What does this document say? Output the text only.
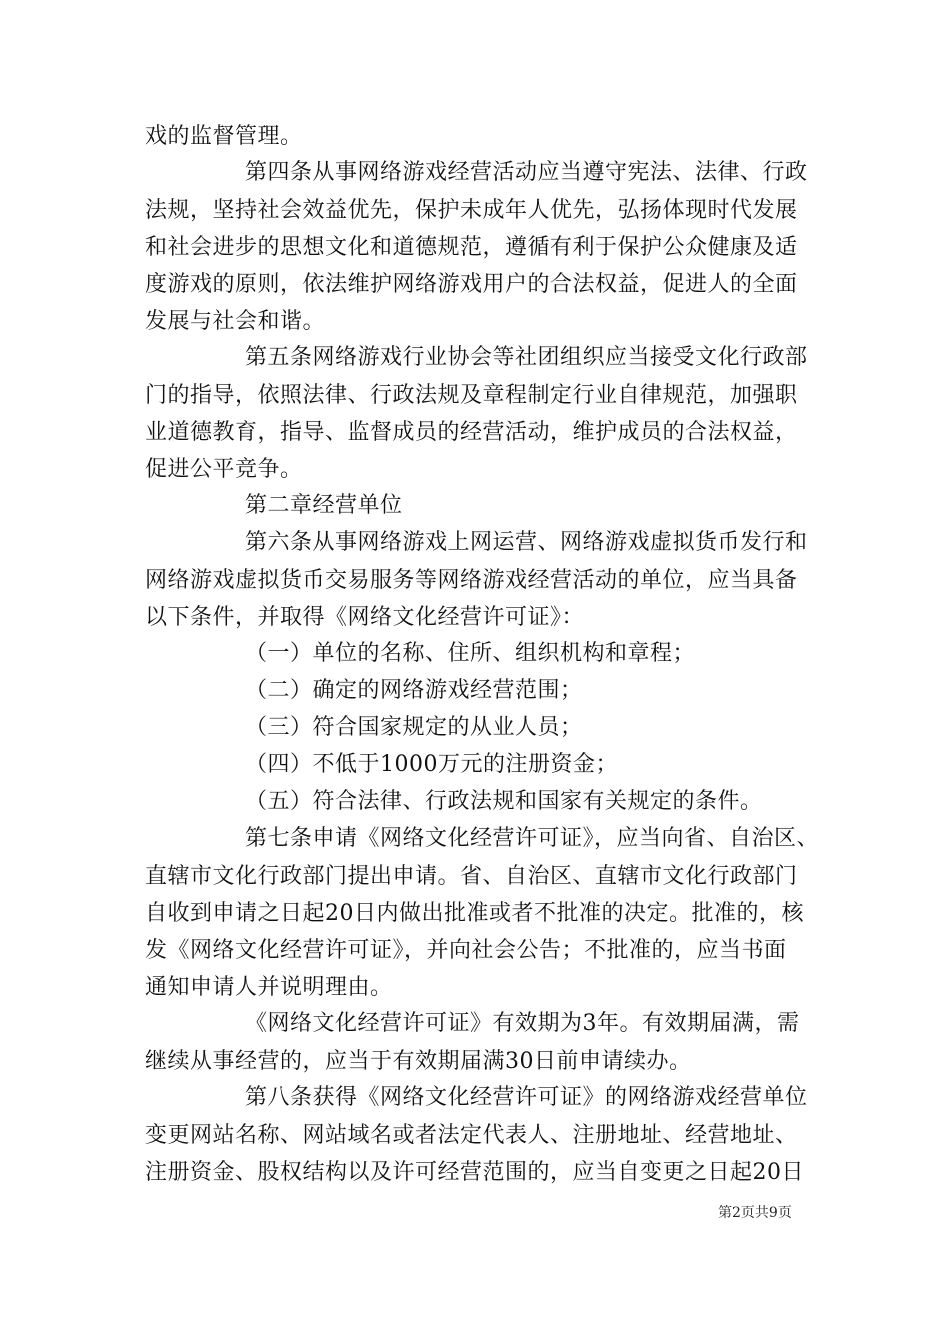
戏的监督管理。
第四条从事网络游戏经营活动应当遵守宪法、法律、行政
法规，坚持社会效益优先，保护未成年人优先，弘扬体现时代发展
和社会进步的思想文化和道德规范，遵循有利于保护公众健康及适
度游戏的原则，依法维护网络游戏用户的合法权益，促进人的全面
发展与社会和谐。
第五条网络游戏行业协会等社团组织应当接受文化行政部
门的指导，依照法律、行政法规及章程制定行业自律规范，加强职
业道德教育，指导、监督成员的经营活动，维护成员的合法权益，
促进公平竞争。
第二章经营单位
第六条从事网络游戏上网运营、网络游戏虚拟货币发行和
网络游戏虚拟货币交易服务等网络游戏经营活动的单位，应当具备
以下条件，并取得《网络文化经营许可证》：
（一）单位的名称、住所、组织机构和章程；
（二）确定的网络游戏经营范围；
（三）符合国家规定的从业人员；
（四）不低于1000万元的注册资金；
（五）符合法律、行政法规和国家有关规定的条件。
第七条申请《网络文化经营许可证》，应当向省、自治区、
直辖市文化行政部门提出申请。省、自治区、直辖市文化行政部门
自收到申请之日起20日内做出批准或者不批准的决定。批准的，核
发《网络文化经营许可证》，并向社会公告；不批准的，应当书面
通知申请人并说明理由。
《网络文化经营许可证》有效期为3年。有效期届满，需
继续从事经营的，应当于有效期届满30日前申请续办。
第八条获得《网络文化经营许可证》的网络游戏经营单位
变更网站名称、网站域名或者法定代表人、注册地址、经营地址、
注册资金、股权结构以及许可经营范围的，应当自变更之日起20日
第2页共9页
